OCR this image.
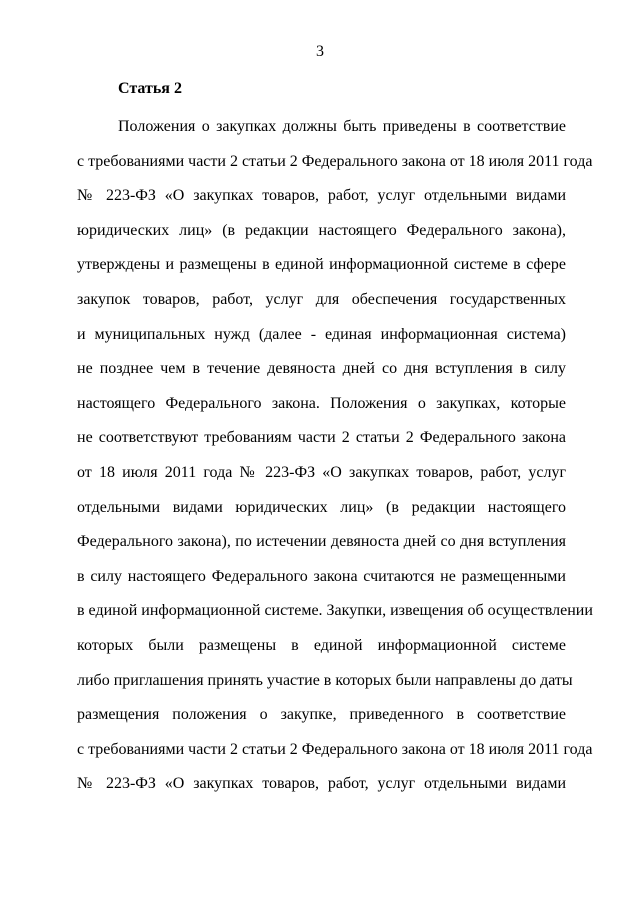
3
Статья 2
Положения о закупках должны быть приведены в соответствие
с требованиями части 2 статьи 2 Федерального закона от 18 июля 2011 года
№ 223-ФЗ «О закупках товаров, работ, услуг отдельными видами
юридических лиц» (в редакции настоящего Федерального закона),
утверждены и размещены в единой информационной системе в сфере
закупок товаров, работ, услуг для обеспечения государственных
и муниципальных нужд (далее - единая информационная система)
не позднее чем в течение девяноста дней со дня вступления в силу
настоящего Федерального закона. Положения о закупках, которые
не соответствуют требованиям части 2 статьи 2 Федерального закона
от 18 июля 2011 года № 223-ФЗ «О закупках товаров, работ, услуг
отдельными видами юридических лиц» (в редакции настоящего
Федерального закона), по истечении девяноста дней со дня вступления
в силу настоящего Федерального закона считаются не размещенными
в единой информационной системе. Закупки, извещения об осуществлении
которых были размещены в единой информационной системе
либо приглашения принять участие в которых были направлены до даты
размещения положения о закупке, приведенного в соответствие
с требованиями части 2 статьи 2 Федерального закона от 18 июля 2011 года
№ 223-ФЗ «О закупках товаров, работ, услуг отдельными видами
